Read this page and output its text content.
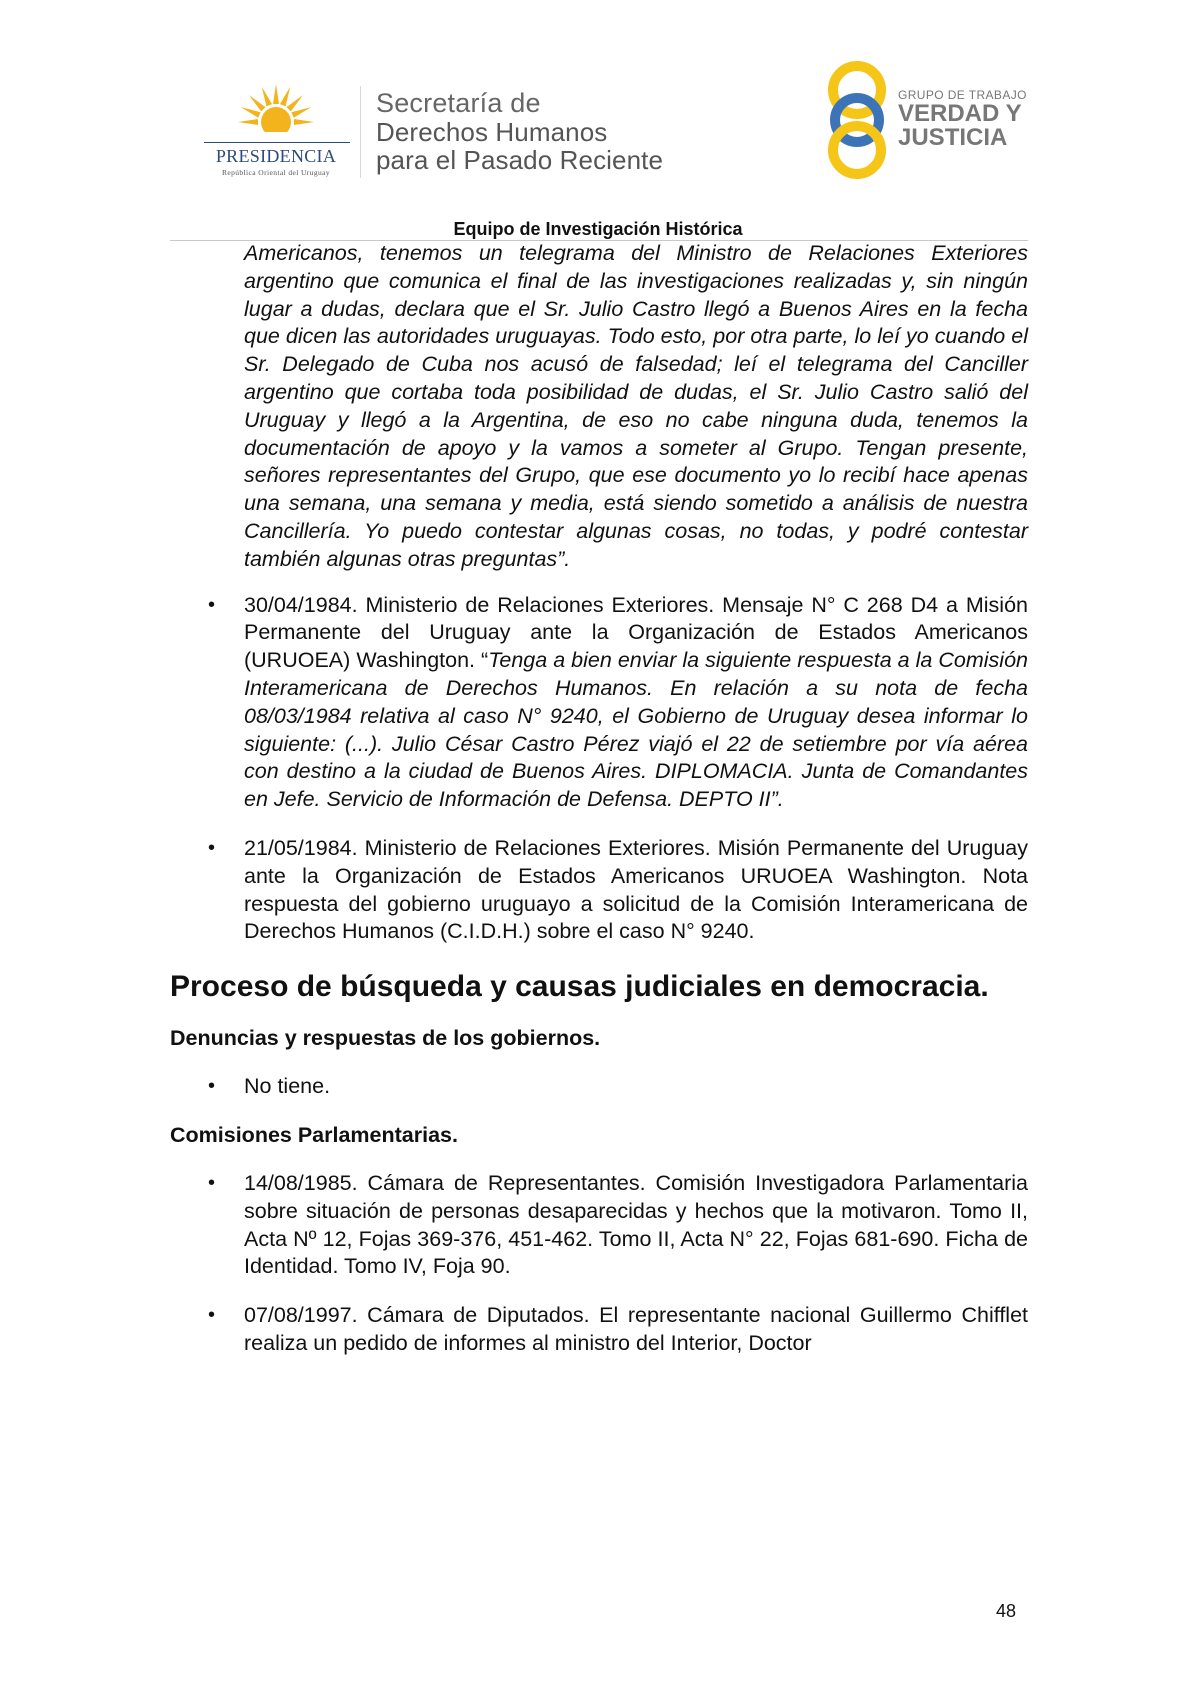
PRESIDENCIA
República Oriental del Uruguay
Secretaría de
Derechos Humanos
para el Pasado Reciente
GRUPO DE TRABAJO
VERDAD Y
JUSTICIA
Equipo de Investigación Histórica

Americanos, tenemos un telegrama del Ministro de Relaciones Exteriores argentino que comunica el final de las investigaciones realizadas y, sin ningún lugar a dudas, declara que el Sr. Julio Castro llegó a Buenos Aires en la fecha que dicen las autoridades uruguayas. Todo esto, por otra parte, lo leí yo cuando el Sr. Delegado de Cuba nos acusó de falsedad; leí el telegrama del Canciller argentino que cortaba toda posibilidad de dudas, el Sr. Julio Castro salió del Uruguay y llegó a la Argentina, de eso no cabe ninguna duda, tenemos la documentación de apoyo y la vamos a someter al Grupo. Tengan presente, señores representantes del Grupo, que ese documento yo lo recibí hace apenas una semana, una semana y media, está siendo sometido a análisis de nuestra Cancillería. Yo puedo contestar algunas cosas, no todas, y podré contestar también algunas otras preguntas”.

• 30/04/1984. Ministerio de Relaciones Exteriores. Mensaje N° C 268 D4 a Misión Permanente del Uruguay ante la Organización de Estados Americanos (URUOEA) Washington. “Tenga a bien enviar la siguiente respuesta a la Comisión Interamericana de Derechos Humanos. En relación a su nota de fecha 08/03/1984 relativa al caso N° 9240, el Gobierno de Uruguay desea informar lo siguiente: (...). Julio César Castro Pérez viajó el 22 de setiembre por vía aérea con destino a la ciudad de Buenos Aires. DIPLOMACIA. Junta de Comandantes en Jefe. Servicio de Información de Defensa. DEPTO II”.
• 21/05/1984. Ministerio de Relaciones Exteriores. Misión Permanente del Uruguay ante la Organización de Estados Americanos URUOEA Washington. Nota respuesta del gobierno uruguayo a solicitud de la Comisión Interamericana de Derechos Humanos (C.I.D.H.) sobre el caso N° 9240.
Proceso de búsqueda y causas judiciales en democracia.
Denuncias y respuestas de los gobiernos.
• No tiene.
Comisiones Parlamentarias.
• 14/08/1985. Cámara de Representantes. Comisión Investigadora Parlamentaria sobre situación de personas desaparecidas y hechos que la motivaron. Tomo II, Acta Nº 12, Fojas 369-376, 451-462. Tomo II, Acta N° 22, Fojas 681-690. Ficha de Identidad. Tomo IV, Foja 90.
• 07/08/1997. Cámara de Diputados. El representante nacional Guillermo Chifflet realiza un pedido de informes al ministro del Interior, Doctor
48
